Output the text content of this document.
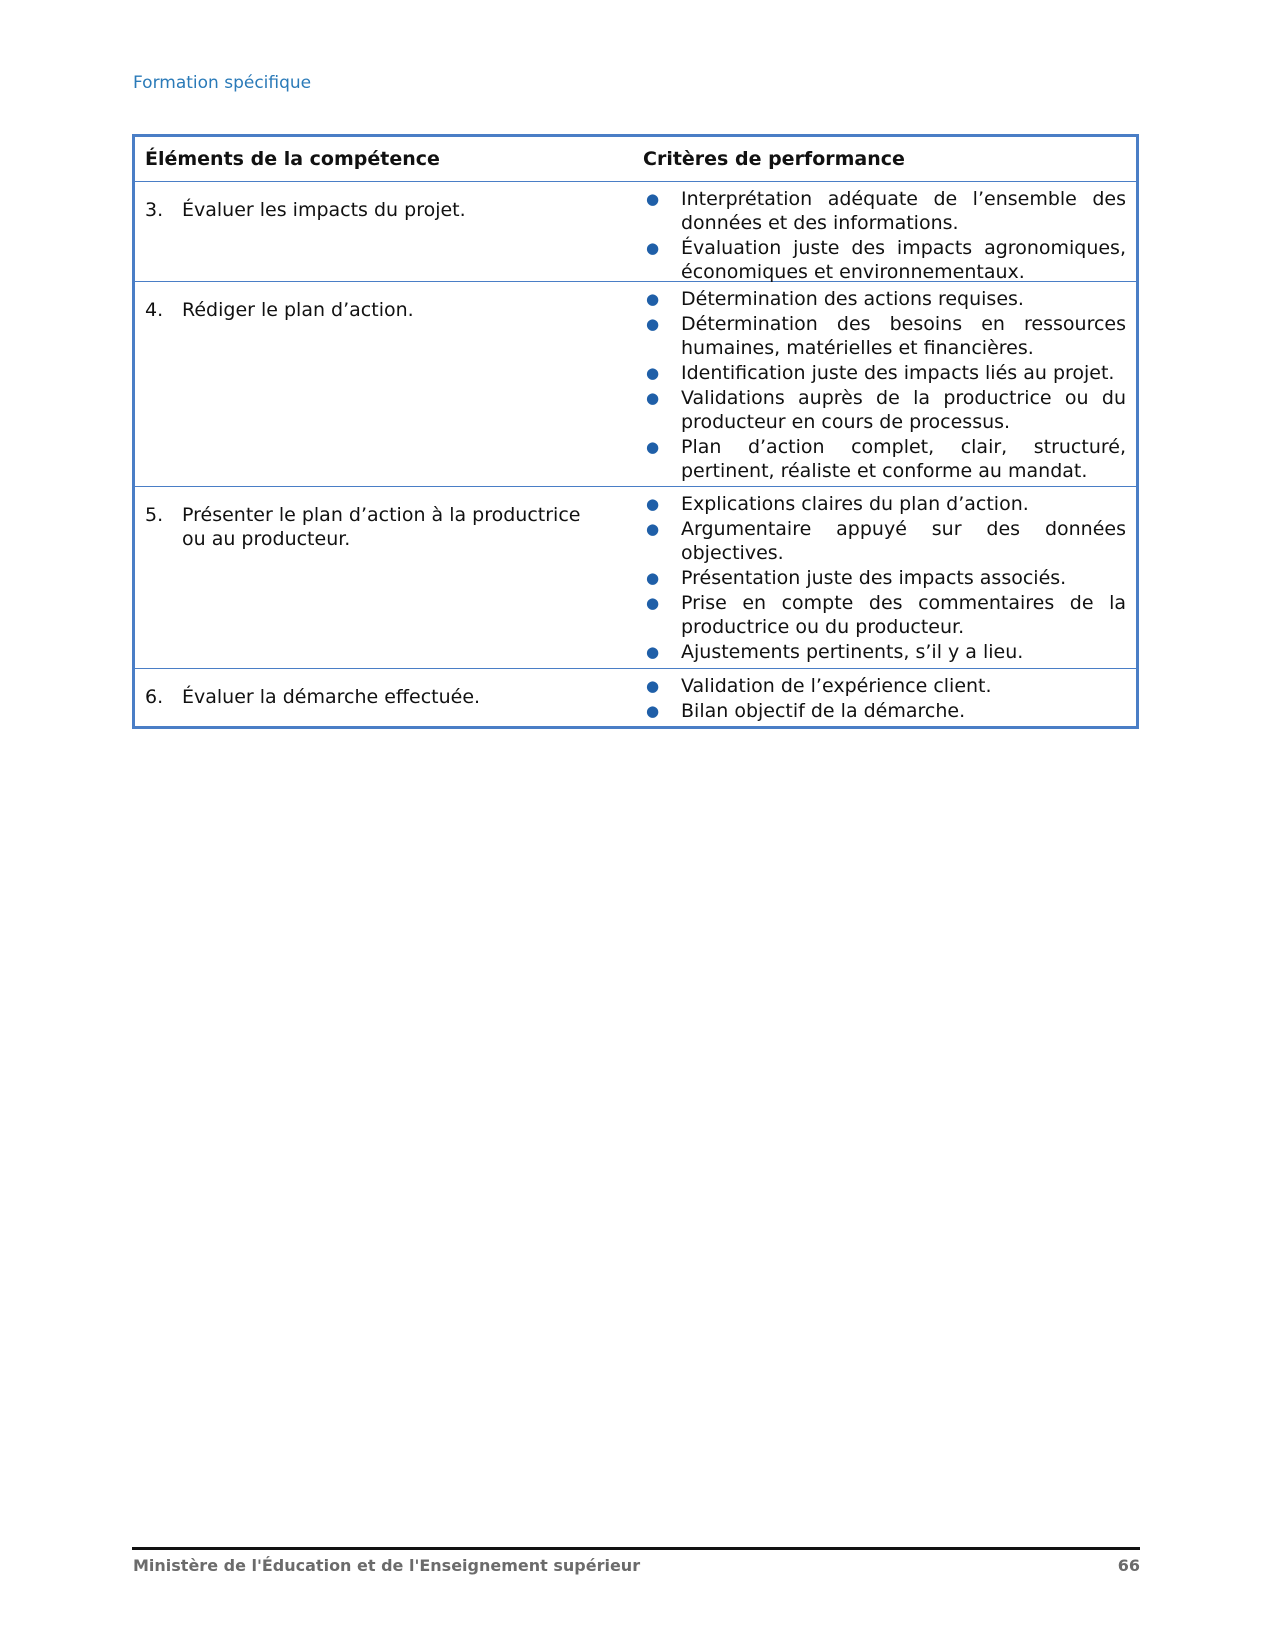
Formation spécifique
Éléments de la compétence	Critères de performance
3. Évaluer les impacts du projet.	●	Interprétation adéquate de l’ensemble des données et des informations.
●	Évaluation juste des impacts agronomiques, économiques et environnementaux.
4. Rédiger le plan d’action.	●	Détermination des actions requises.
●	Détermination des besoins en ressources humaines, matérielles et financières.
●	Identification juste des impacts liés au projet.
●	Validations auprès de la productrice ou du producteur en cours de processus.
●	Plan d’action complet, clair, structuré, pertinent, réaliste et conforme au mandat.
5. Présenter le plan d’action à la productrice ou au producteur.
●	Explications claires du plan d’action.
●	Argumentaire appuyé sur des données objectives.
●	Présentation juste des impacts associés.
●	Prise en compte des commentaires de la productrice ou du producteur.
●	Ajustements pertinents, s’il y a lieu.
6. Évaluer la démarche effectuée.	●	Validation de l’expérience client.
●	Bilan objectif de la démarche.
Ministère de l'Éducation et de l'Enseignement supérieur	66
